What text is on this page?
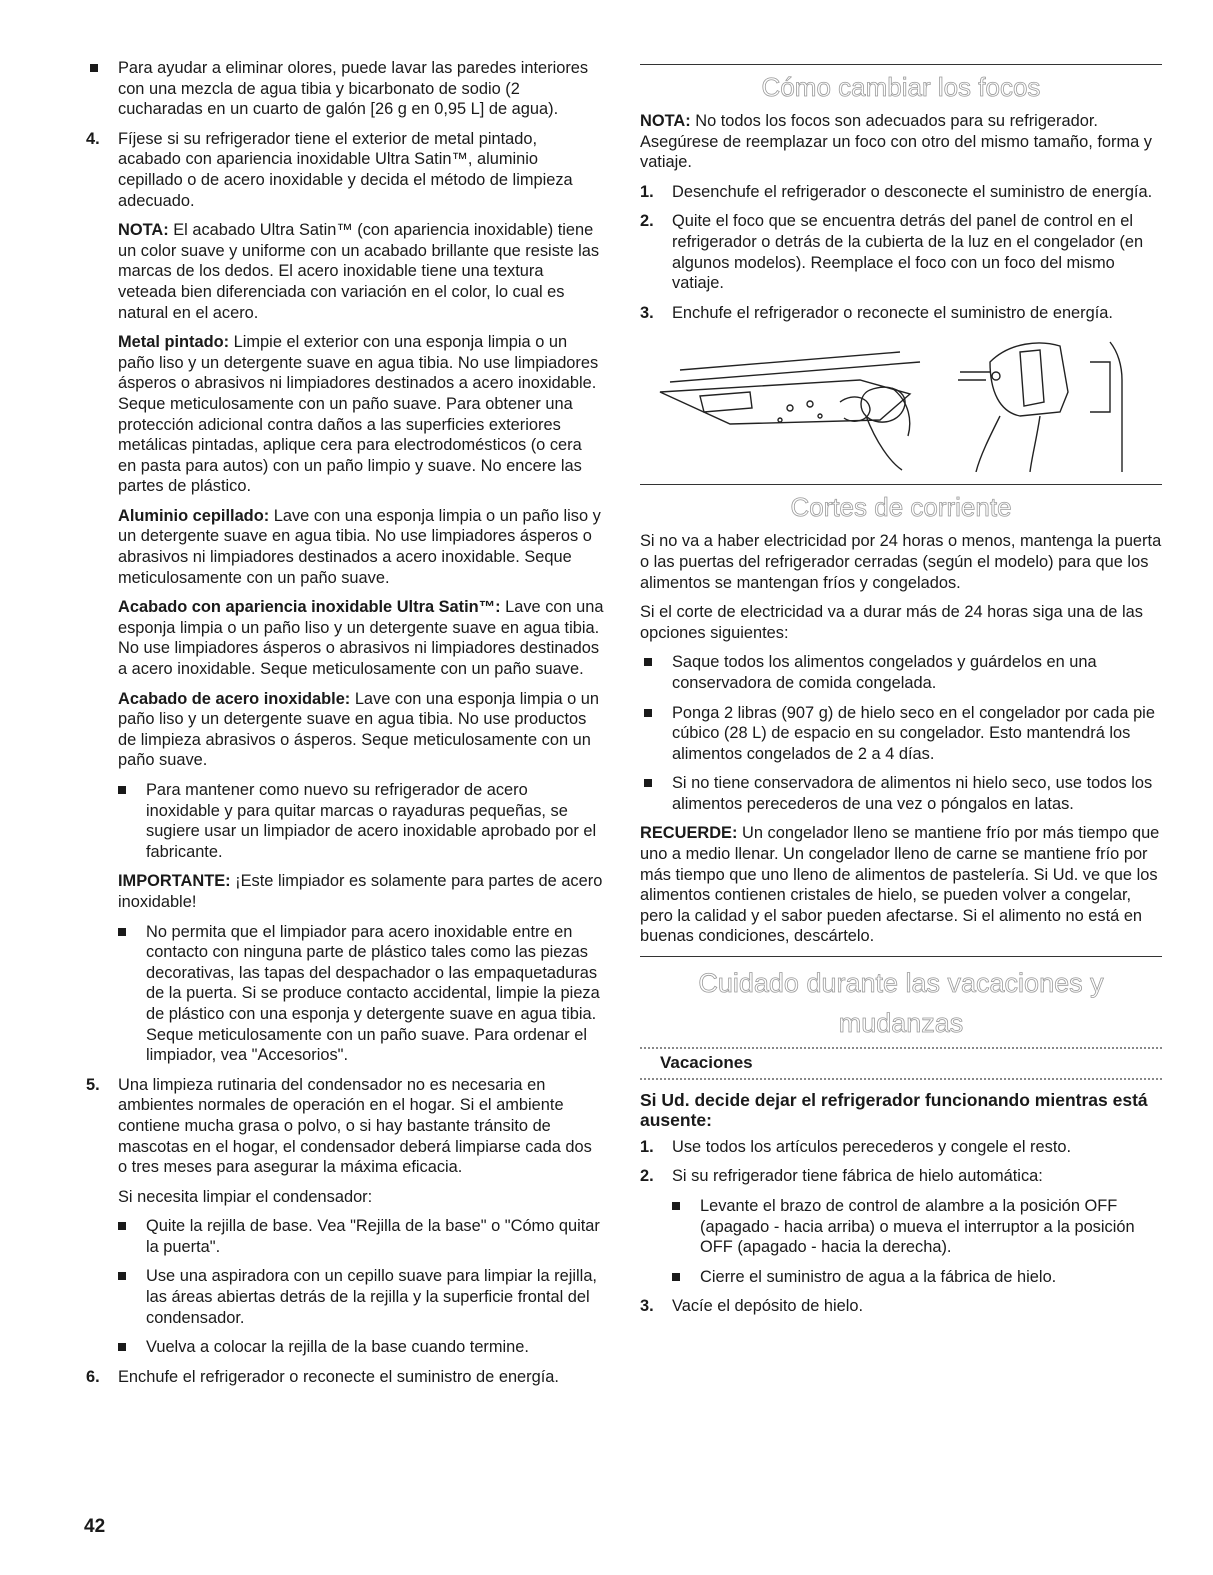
Para ayudar a eliminar olores, puede lavar las paredes interiores con una mezcla de agua tibia y bicarbonato de sodio (2 cucharadas en un cuarto de galón [26 g en 0,95 L] de agua).
4. Fíjese si su refrigerador tiene el exterior de metal pintado, acabado con apariencia inoxidable Ultra Satin™, aluminio cepillado o de acero inoxidable y decida el método de limpieza adecuado.

NOTA: El acabado Ultra Satin™ (con apariencia inoxidable) tiene un color suave y uniforme con un acabado brillante que resiste las marcas de los dedos. El acero inoxidable tiene una textura veteada bien diferenciada con variación en el color, lo cual es natural en el acero.

Metal pintado: Limpie el exterior con una esponja limpia o un paño liso y un detergente suave en agua tibia. No use limpiadores ásperos o abrasivos ni limpiadores destinados a acero inoxidable. Seque meticulosamente con un paño suave. Para obtener una protección adicional contra daños a las superficies exteriores metálicas pintadas, aplique cera para electrodomésticos (o cera en pasta para autos) con un paño limpio y suave. No encere las partes de plástico.

Aluminio cepillado: Lave con una esponja limpia o un paño liso y un detergente suave en agua tibia. No use limpiadores ásperos o abrasivos ni limpiadores destinados a acero inoxidable. Seque meticulosamente con un paño suave.

Acabado con apariencia inoxidable Ultra Satin™: Lave con una esponja limpia o un paño liso y un detergente suave en agua tibia. No use limpiadores ásperos o abrasivos ni limpiadores destinados a acero inoxidable. Seque meticulosamente con un paño suave.

Acabado de acero inoxidable: Lave con una esponja limpia o un paño liso y un detergente suave en agua tibia. No use productos de limpieza abrasivos o ásperos. Seque meticulosamente con un paño suave.

Para mantener como nuevo su refrigerador de acero inoxidable y para quitar marcas o rayaduras pequeñas, se sugiere usar un limpiador de acero inoxidable aprobado por el fabricante.

IMPORTANTE: ¡Este limpiador es solamente para partes de acero inoxidable!

No permita que el limpiador para acero inoxidable entre en contacto con ninguna parte de plástico tales como las piezas decorativas, las tapas del despachador o las empaquetaduras de la puerta. Si se produce contacto accidental, limpie la pieza de plástico con una esponja y detergente suave en agua tibia. Seque meticulosamente con un paño suave. Para ordenar el limpiador, vea "Accesorios".
5. Una limpieza rutinaria del condensador no es necesaria en ambientes normales de operación en el hogar. Si el ambiente contiene mucha grasa o polvo, o si hay bastante tránsito de mascotas en el hogar, el condensador deberá limpiarse cada dos o tres meses para asegurar la máxima eficacia.

Si necesita limpiar el condensador:

Quite la rejilla de base. Vea "Rejilla de la base" o "Cómo quitar la puerta".
Use una aspiradora con un cepillo suave para limpiar la rejilla, las áreas abiertas detrás de la rejilla y la superficie frontal del condensador.
Vuelva a colocar la rejilla de la base cuando termine.
6. Enchufe el refrigerador o reconecte el suministro de energía.
Cómo cambiar los focos

NOTA: No todos los focos son adecuados para su refrigerador. Asegúrese de reemplazar un foco con otro del mismo tamaño, forma y vatiaje.

1. Desenchufe el refrigerador o desconecte el suministro de energía.
2. Quite el foco que se encuentra detrás del panel de control en el refrigerador o detrás de la cubierta de la luz en el congelador (en algunos modelos). Reemplace el foco con un foco del mismo vatiaje.
3. Enchufe el refrigerador o reconecte el suministro de energía.
Cortes de corriente

Si no va a haber electricidad por 24 horas o menos, mantenga la puerta o las puertas del refrigerador cerradas (según el modelo) para que los alimentos se mantengan fríos y congelados.

Si el corte de electricidad va a durar más de 24 horas siga una de las opciones siguientes:

Saque todos los alimentos congelados y guárdelos en una conservadora de comida congelada.
Ponga 2 libras (907 g) de hielo seco en el congelador por cada pie cúbico (28 L) de espacio en su congelador. Esto mantendrá los alimentos congelados de 2 a 4 días.
Si no tiene conservadora de alimentos ni hielo seco, use todos los alimentos perecederos de una vez o póngalos en latas.

RECUERDE: Un congelador lleno se mantiene frío por más tiempo que uno a medio llenar. Un congelador lleno de carne se mantiene frío por más tiempo que uno lleno de alimentos de pastelería. Si Ud. ve que los alimentos contienen cristales de hielo, se pueden volver a congelar, pero la calidad y el sabor pueden afectarse. Si el alimento no está en buenas condiciones, descártelo.

Cuidado durante las vacaciones y
mudanzas
Vacaciones
Si Ud. decide dejar el refrigerador funcionando mientras está ausente:
1. Use todos los artículos perecederos y congele el resto.
2. Si su refrigerador tiene fábrica de hielo automática:
Levante el brazo de control de alambre a la posición OFF (apagado - hacia arriba) o mueva el interruptor a la posición OFF (apagado - hacia la derecha).
Cierre el suministro de agua a la fábrica de hielo.
3. Vacíe el depósito de hielo.
42
